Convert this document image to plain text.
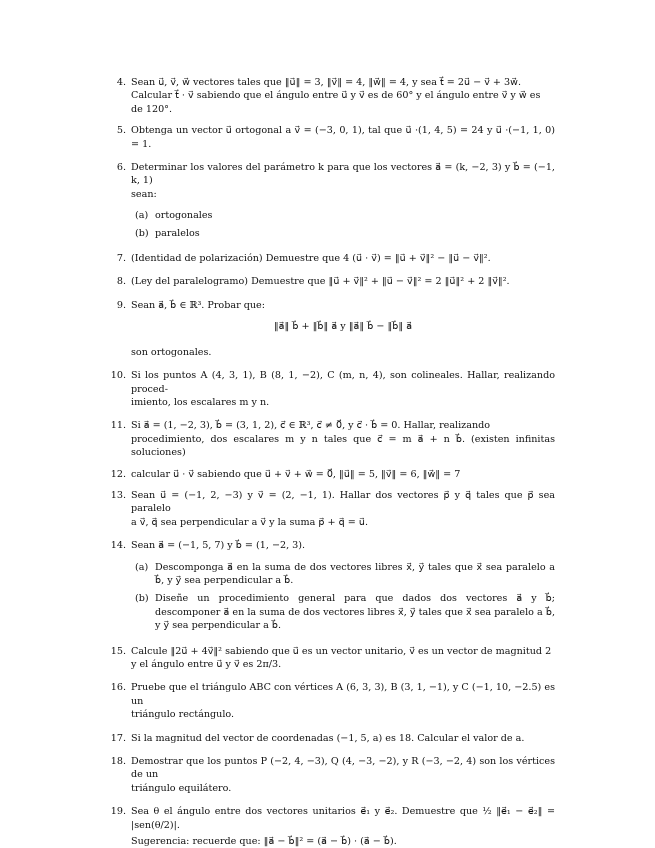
4. Sean u⃗, v⃗, w⃗ vectores tales que ‖u⃗‖ = 3, ‖v⃗‖ = 4, ‖w⃗‖ = 4, y sea t⃗ = 2u⃗ − v⃗ + 3w⃗.
Calcular t⃗ · v⃗ sabiendo que el ángulo entre u⃗ y v⃗ es de 60° y el ángulo entre v⃗ y w⃗ es
de 120°.
5. Obtenga un vector u⃗ ortogonal a v⃗ = (−3, 0, 1), tal que u⃗ ·(1, 4, 5) = 24 y u⃗ ·(−1, 1, 0) = 1.
6. Determinar los valores del parámetro k para que los vectores a⃗ = (k, −2, 3) y b⃗ = (−1, k, 1)
sean:
(a) ortogonales
(b) paralelos
7. (Identidad de polarización) Demuestre que 4 (u⃗ · v⃗) = ‖u⃗ + v⃗‖² − ‖u⃗ − v⃗‖².
8. (Ley del paralelogramo) Demuestre que ‖u⃗ + v⃗‖² + ‖u⃗ − v⃗‖² = 2 ‖u⃗‖² + 2 ‖v⃗‖².
9. Sean a⃗, b⃗ ∈ ℝ³. Probar que:
‖a⃗‖ b⃗ + ‖b⃗‖ a⃗ y ‖a⃗‖ b⃗ − ‖b⃗‖ a⃗
son ortogonales.
10. Si los puntos A (4, 3, 1), B (8, 1, −2), C (m, n, 4), son colineales. Hallar, realizando proced-
imiento, los escalares m y n.
11. Si a⃗ = (1, −2, 3), b⃗ = (3, 1, 2), c⃗ ∈ ℝ³, c⃗ ≠ 0⃗, y c⃗ · b⃗ = 0. Hallar, realizando
procedimiento, dos escalares m y n tales que c⃗ = m a⃗ + n b⃗. (existen infinitas soluciones)
12. calcular u⃗ · v⃗ sabiendo que u⃗ + v⃗ + w⃗ = 0⃗, ‖u⃗‖ = 5, ‖v⃗‖ = 6, ‖w⃗‖ = 7
13. Sean u⃗ = (−1, 2, −3) y v⃗ = (2, −1, 1). Hallar dos vectores p⃗ y q⃗ tales que p⃗ sea paralelo
a v⃗, q⃗ sea perpendicular a v⃗ y la suma p⃗ + q⃗ = u⃗.
14. Sean a⃗ = (−1, 5, 7) y b⃗ = (1, −2, 3).
(a) Descomponga a⃗ en la suma de dos vectores libres x⃗, y⃗ tales que x⃗ sea paralelo a b⃗, y y⃗ sea perpendicular a b⃗.
(b) Diseñe un procedimiento general para que dados dos vectores a⃗ y b⃗; descomponer a⃗ en la suma de dos vectores libres x⃗, y⃗ tales que x⃗ sea paralelo a b⃗, y y⃗ sea perpendicular a b⃗.
15. Calcule ‖2u⃗ + 4v⃗‖² sabiendo que u⃗ es un vector unitario, v⃗ es un vector de magnitud 2
y el ángulo entre u⃗ y v⃗ es 2π/3.
16. Pruebe que el triángulo ABC con vértices A (6, 3, 3), B (3, 1, −1), y C (−1, 10, −2.5) es un
triángulo rectángulo.
17. Si la magnitud del vector de coordenadas (−1, 5, a) es 18. Calcular el valor de a.
18. Demostrar que los puntos P (−2, 4, −3), Q (4, −3, −2), y R (−3, −2, 4) son los vértices de un
triángulo equilátero.
19. Sea θ el ángulo entre dos vectores unitarios e⃗₁ y e⃗₂. Demuestre que ½ ‖e⃗₁ − e⃗₂‖ = |sen(θ/2)|.
Sugerencia: recuerde que: ‖a⃗ − b⃗‖² = (a⃗ − b⃗) · (a⃗ − b⃗).
